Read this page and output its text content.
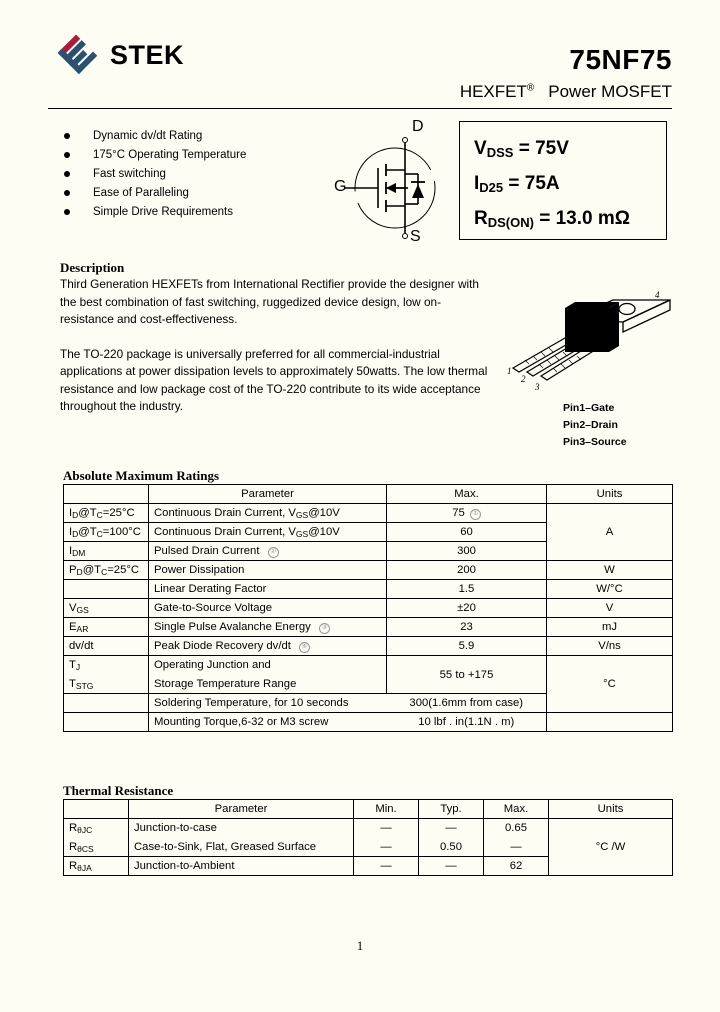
STEK	75NF75
HEXFET® Power MOSFET
Dynamic dv/dt Rating
175°C Operating Temperature
Fast switching
Ease of Paralleling
Simple Drive Requirements
D
G
S
$V_{DSS} = 75V$
$I_{D25} = 75A$
$R_{DS(ON)} = 13.0$ mΩ
Description

Third Generation HEXFETs from International Rectifier provide the designer with the best combination of fast switching, ruggedized device design, low on-resistance and cost-effectiveness.

The TO-220 package is universally preferred for all commercial-industrial applications at power dissipation levels to approximately 50watts. The low thermal resistance and low package cost of the TO-220 contribute to its wide acceptance throughout the industry.

1
2
3
4
Pin1–Gate
Pin2–Drain
Pin3–Source
Absolute Maximum Ratings
	Parameter	Max.	Units
$I_D@T_C=25^\circ C$	Continuous Drain Current, $V_{GS}@10V$	75 ①	A
$I_D@T_C=100^\circ C$	Continuous Drain Current, $V_{GS}@10V$	60	
$I_{DM}$	Pulsed Drain Current ②	300	
$P_D@T_C=25^\circ C$	Power Dissipation	200	W
	Linear Derating Factor	1.5	W/°C
$V_{GS}$	Gate-to-Source Voltage	±20	V
$E_{AR}$	Single Pulse Avalanche Energy ③	23	mJ
dv/dt	Peak Diode Recovery dv/dt ④	5.9	V/ns
$T_J$	Operating Junction and	55 to +175	°C
$T_{STG}$	Storage Temperature Range		
	Soldering Temperature, for 10 seconds	300(1.6mm from case)	
	Mounting Torque,6-32 or M3 screw	10 lbf . in(1.1N . m)	
Thermal Resistance
	Parameter	Min.	Typ.	Max.	Units
$R_{\theta JC}$	Junction-to-case	—	—	0.65	°C /W
$R_{\theta CS}$	Case-to-Sink, Flat, Greased Surface	—	0.50	—	
$R_{\theta JA}$	Junction-to-Ambient	—	—	62	
1
